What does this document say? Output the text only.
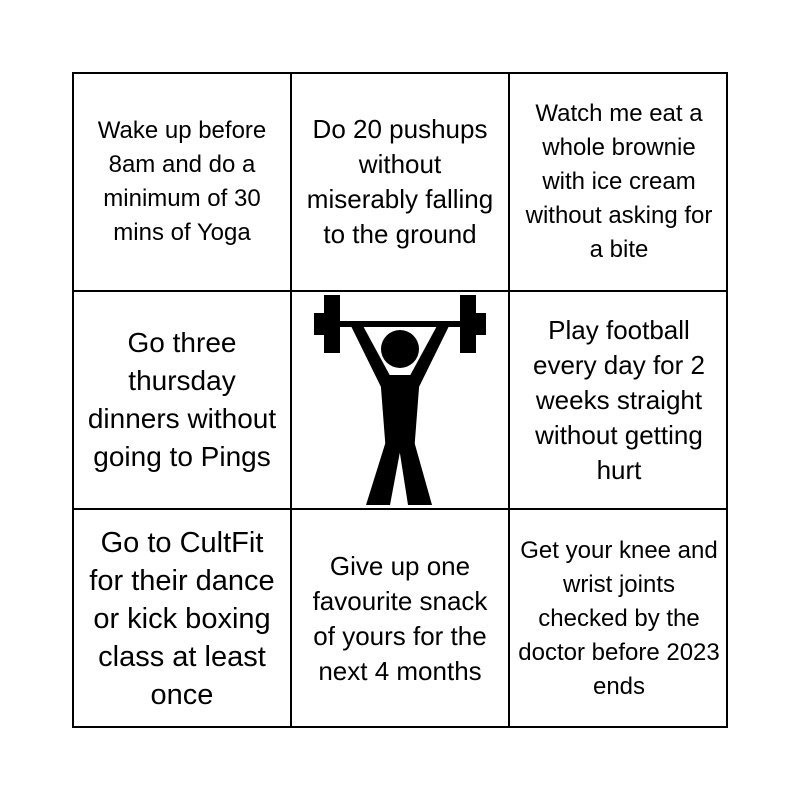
Wake up before 8am and do a minimum of 30 mins of Yoga
Do 20 pushups without miserably falling to the ground
Watch me eat a whole brownie with ice cream without asking for a bite
Go three thursday dinners without going to Pings
Play football every day for 2 weeks straight without getting hurt
Go to CultFit for their dance or kick boxing class at least once
Give up one favourite snack of yours for the next 4 months
Get your knee and wrist joints checked by the doctor before 2023 ends
